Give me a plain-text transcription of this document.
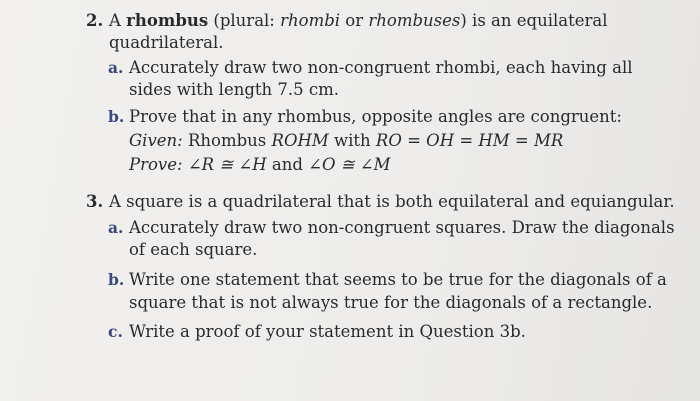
2. A rhombus (plural: rhombi or rhombuses) is an equilateral
quadrilateral.
a. Accurately draw two non-congruent rhombi, each having all
sides with length 7.5 cm.
b. Prove that in any rhombus, opposite angles are congruent:
Given: Rhombus ROHM with RO = OH = HM = MR
Prove: ∠R ≅ ∠H and ∠O ≅ ∠M
3. A square is a quadrilateral that is both equilateral and equiangular.
a. Accurately draw two non-congruent squares. Draw the diagonals
of each square.
b. Write one statement that seems to be true for the diagonals of a
square that is not always true for the diagonals of a rectangle.
c. Write a proof of your statement in Question 3b.
